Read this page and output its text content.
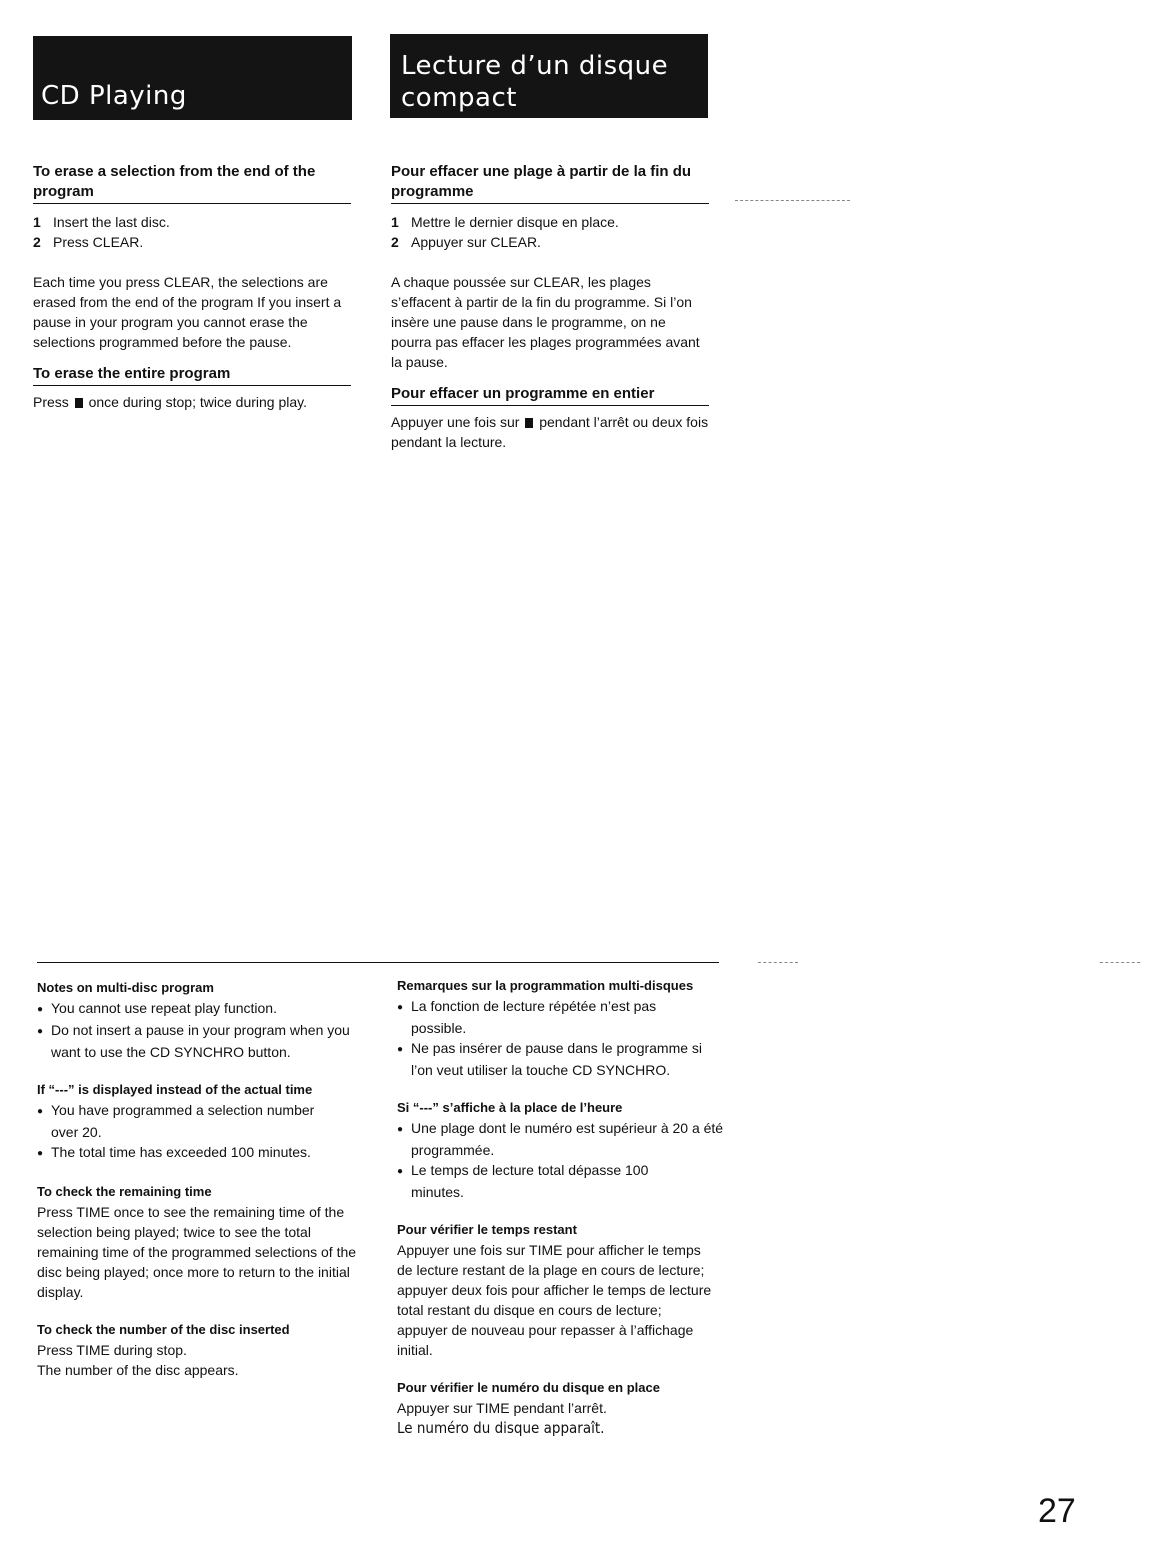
CD Playing
Lecture d’un disque
compact

To erase a selection from the end of the program

1 Insert the last disc.
2 Press CLEAR.

Each time you press CLEAR, the selections are erased from the end of the program If you insert a pause in your program you cannot erase the selections programmed before the pause.

To erase the entire program

Press once during stop; twice during play.

Pour effacer une plage à partir de la fin du programme

1 Mettre le dernier disque en place.
2 Appuyer sur CLEAR.

A chaque poussée sur CLEAR, les plages s’effacent à partir de la fin du programme. Si l’on insère une pause dans le programme, on ne pourra pas effacer les plages programmées avant la pause.

Pour effacer un programme en entier

Appuyer une fois sur pendant l’arrêt ou deux fois pendant la lecture.

Notes on multi-disc program

● You cannot use repeat play function.

● Do not insert a pause in your program when you want to use the CD SYNCHRO button.

If “---” is displayed instead of the actual time

● You have programmed a selection number over 20.

● The total time has exceeded 100 minutes.

To check the remaining time

Press TIME once to see the remaining time of the selection being played; twice to see the total remaining time of the programmed selections of the disc being played; once more to return to the initial display.

To check the number of the disc inserted

Press TIME during stop.

The number of the disc appears.

Remarques sur la programmation multi-disques

● La fonction de lecture répétée n’est pas possible.

● Ne pas insérer de pause dans le programme si l’on veut utiliser la touche CD SYNCHRO.

Si “---” s’affiche à la place de l’heure

● Une plage dont le numéro est supérieur à 20 a été programmée.

● Le temps de lecture total dépasse 100 minutes.

Pour vérifier le temps restant

Appuyer une fois sur TIME pour afficher le temps de lecture restant de la plage en cours de lecture; appuyer deux fois pour afficher le temps de lecture total restant du disque en cours de lecture; appuyer de nouveau pour repasser à l’affichage initial.

Pour vérifier le numéro du disque en place

Appuyer sur TIME pendant l’arrêt.

Le numéro du disque apparaît.

27
